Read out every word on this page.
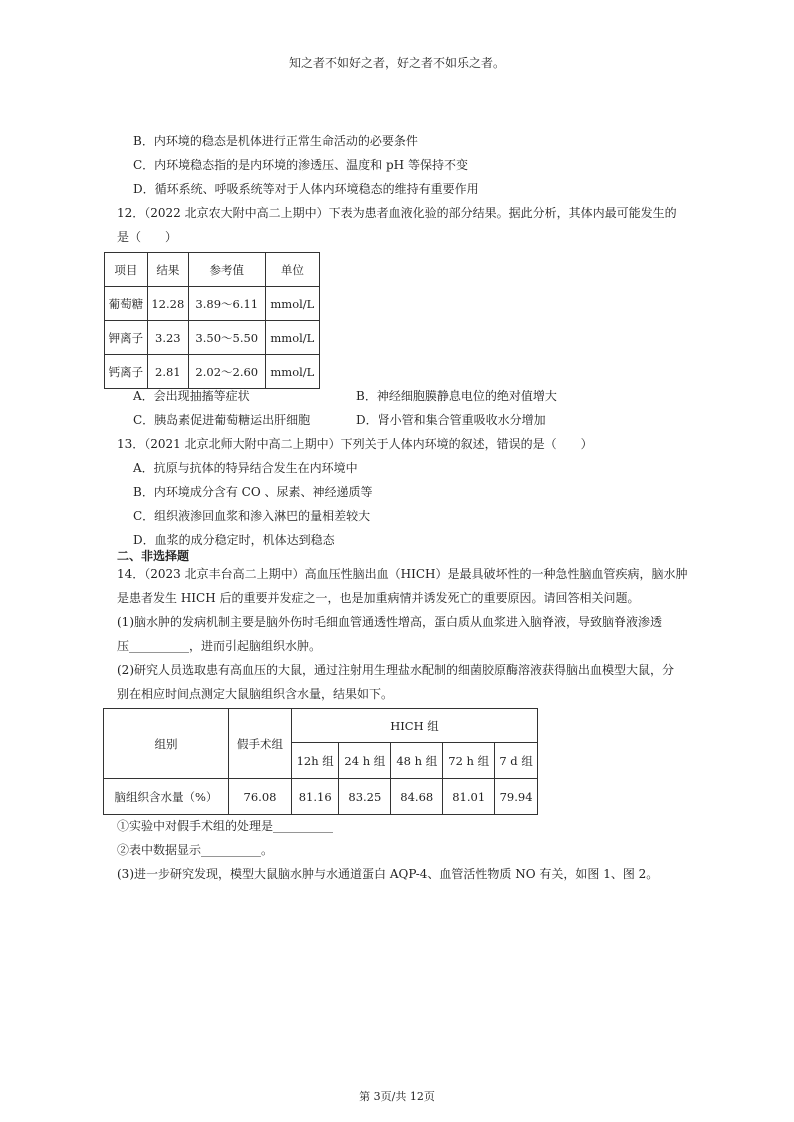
知之者不如好之者，好之者不如乐之者。
B．内环境的稳态是机体进行正常生命活动的必要条件
C．内环境稳态指的是内环境的渗透压、温度和 pH 等保持不变
D．循环系统、呼吸系统等对于人体内环境稳态的维持有重要作用
12．（2022 北京农大附中高二上期中）下表为患者血液化验的部分结果。据此分析，其体内最可能发生的
是（　　）
项目	结果	参考值	单位
葡萄糖	12.28	3.89～6.11	mmol/L
钾离子	3.23	3.50～5.50	mmol/L
钙离子	2.81	2.02～2.60	mmol/L
A．会出现抽搐等症状	B．神经细胞膜静息电位的绝对值增大
C．胰岛素促进葡萄糖运出肝细胞	D．肾小管和集合管重吸收水分增加
13．（2021 北京北师大附中高二上期中）下列关于人体内环境的叙述，错误的是（　　）
A．抗原与抗体的特异结合发生在内环境中
B．内环境成分含有 CO 、尿素、神经递质等
C．组织液渗回血浆和渗入淋巴的量相差较大
D．血浆的成分稳定时，机体达到稳态
二、非选择题
14．（2023 北京丰台高二上期中）高血压性脑出血（HICH）是最具破坏性的一种急性脑血管疾病，脑水肿
是患者发生 HICH 后的重要并发症之一，也是加重病情并诱发死亡的重要原因。请回答相关问题。
(1)脑水肿的发病机制主要是脑外伤时毛细血管通透性增高，蛋白质从血浆进入脑脊液，导致脑脊液渗透
压__________，进而引起脑组织水肿。
(2)研究人员选取患有高血压的大鼠，通过注射用生理盐水配制的细菌胶原酶溶液获得脑出血模型大鼠，分
别在相应时间点测定大鼠脑组织含水量，结果如下。
组别	假手术组	HICH 组				
		12h 组	24 h 组	48 h 组	72 h 组	7 d 组
脑组织含水量（%）	76.08	81.16	83.25	84.68	81.01	79.94
①实验中对假手术组的处理是__________
②表中数据显示__________。
(3)进一步研究发现，模型大鼠脑水肿与水通道蛋白 AQP-4、血管活性物质 NO 有关，如图 1、图 2。
第 3页/共 12页
